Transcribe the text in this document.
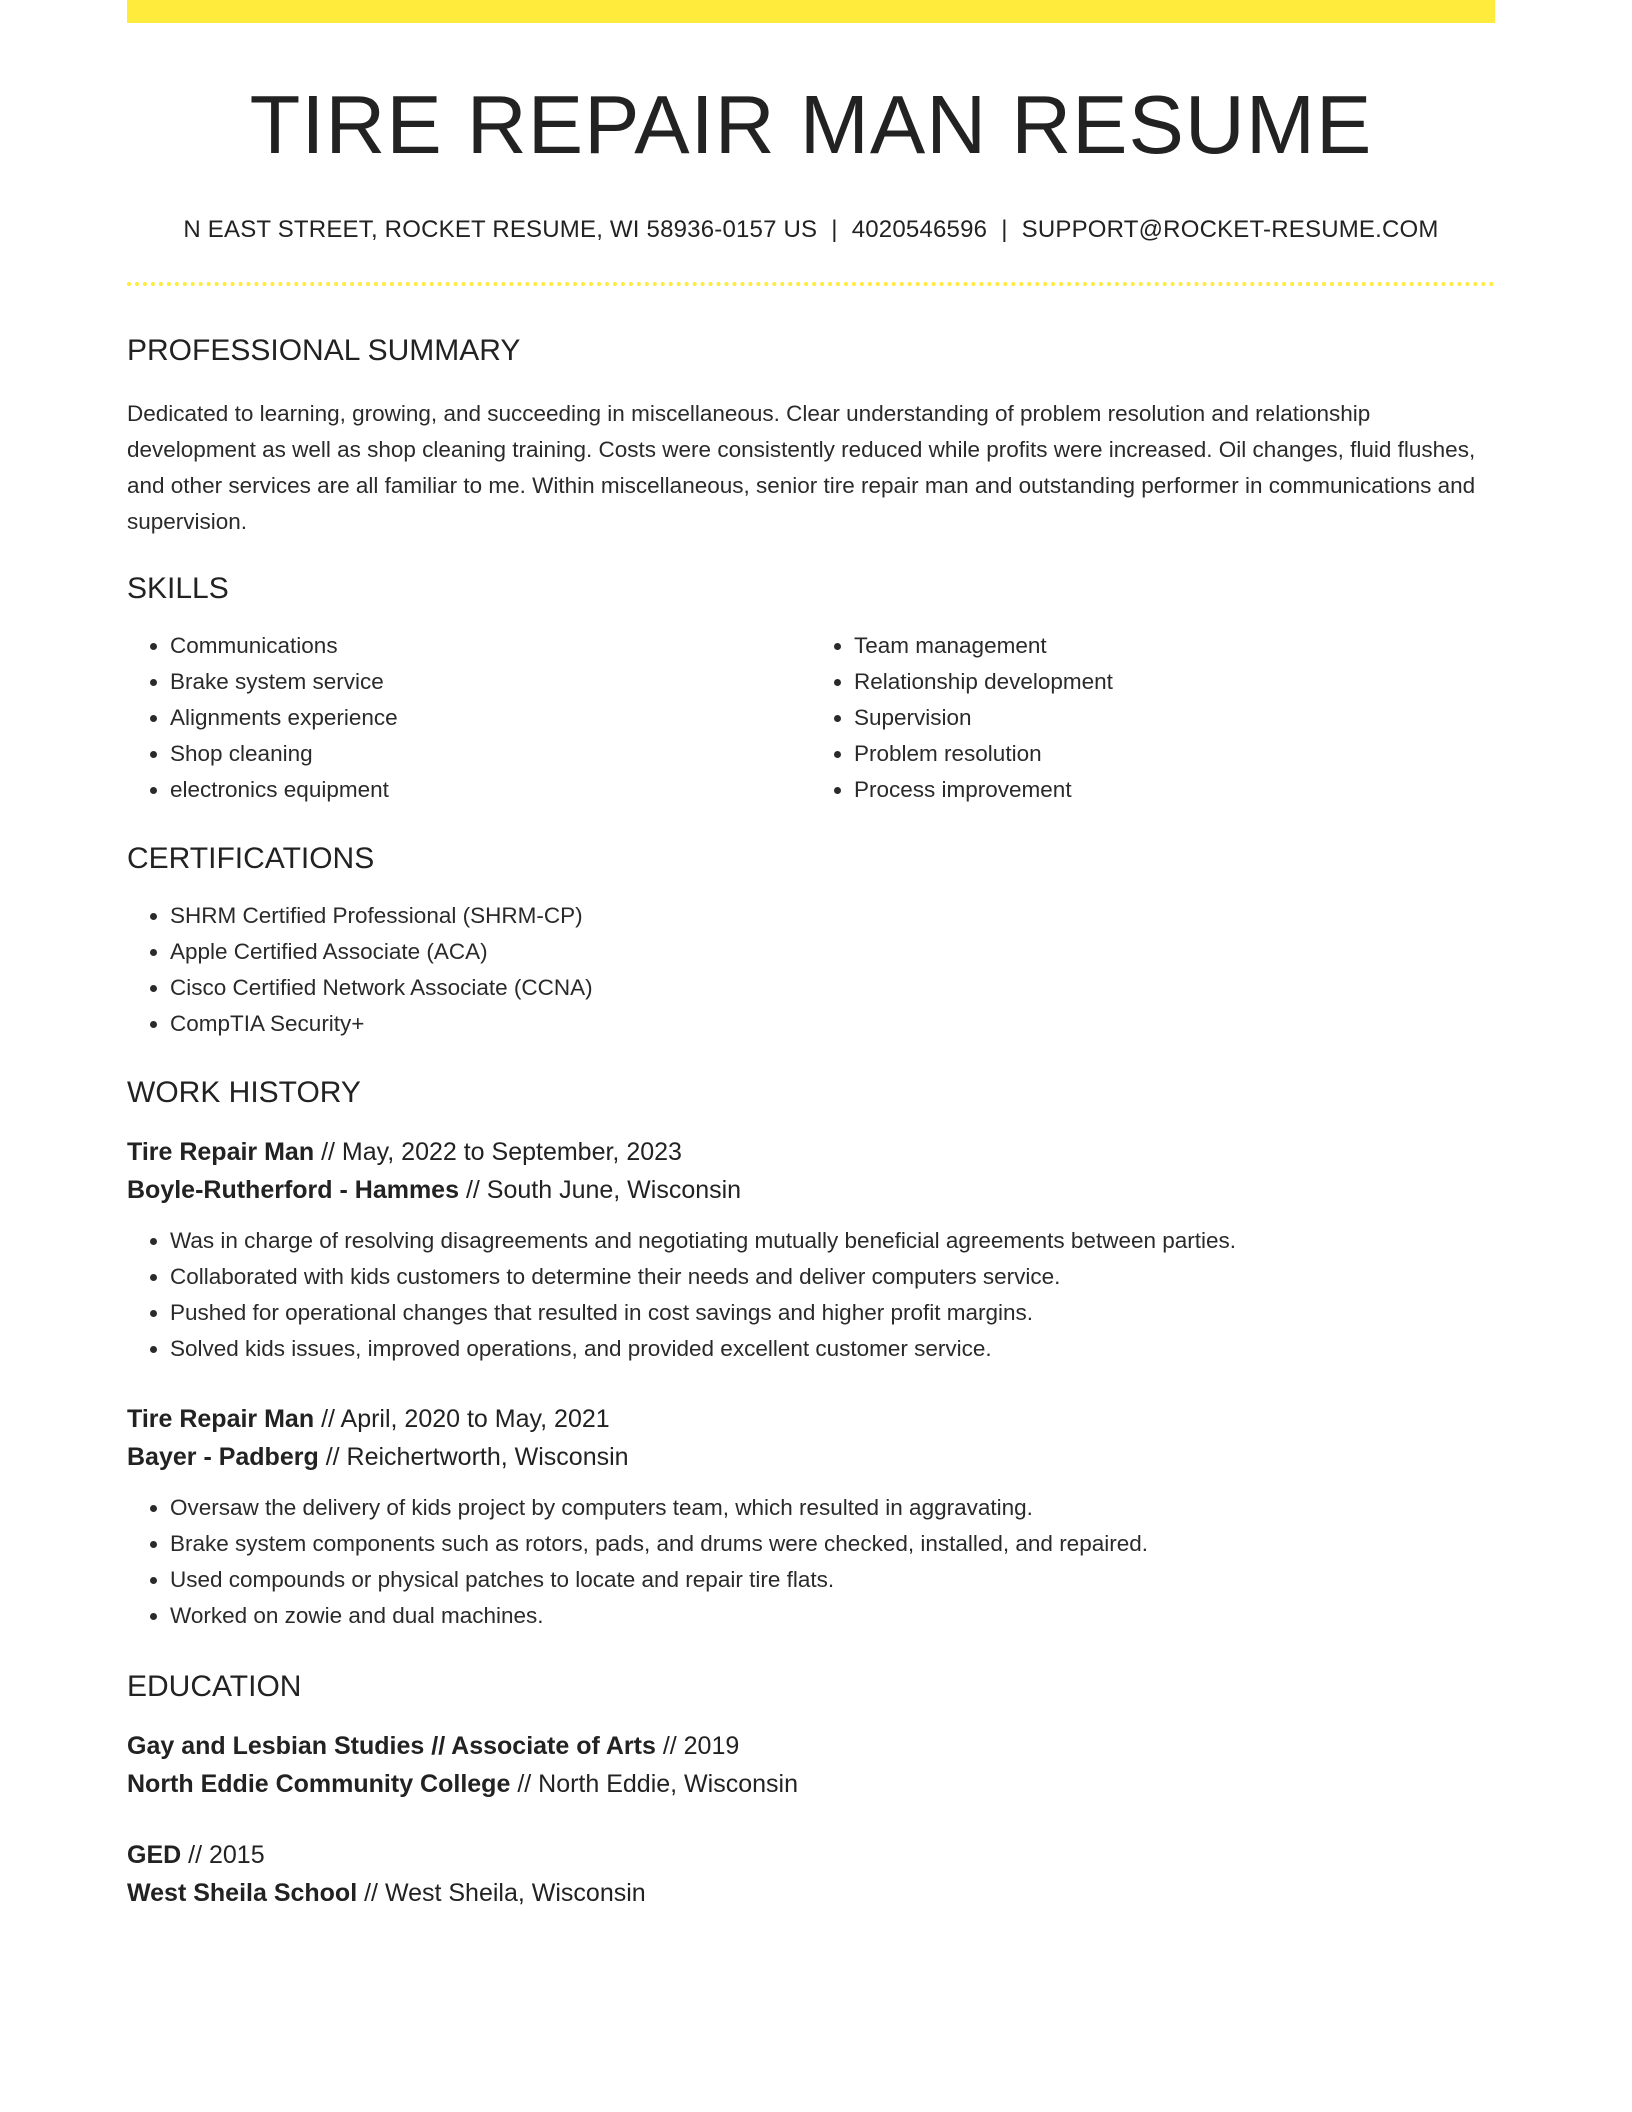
TIRE REPAIR MAN RESUME
N EAST STREET, ROCKET RESUME, WI 58936-0157 US | 4020546596 | SUPPORT@ROCKET-RESUME.COM
PROFESSIONAL SUMMARY

Dedicated to learning, growing, and succeeding in miscellaneous. Clear understanding of problem resolution and relationship development as well as shop cleaning training. Costs were consistently reduced while profits were increased. Oil changes, fluid flushes, and other services are all familiar to me. Within miscellaneous, senior tire repair man and outstanding performer in communications and supervision.

SKILLS
• Communications
• Brake system service
• Alignments experience
• Shop cleaning
• electronics equipment
• Team management
• Relationship development
• Supervision
• Problem resolution
• Process improvement
CERTIFICATIONS
• SHRM Certified Professional (SHRM-CP)
• Apple Certified Associate (ACA)
• Cisco Certified Network Associate (CCNA)
• CompTIA Security+
WORK HISTORY
Tire Repair Man // May, 2022 to September, 2023
Boyle-Rutherford - Hammes // South June, Wisconsin
• Was in charge of resolving disagreements and negotiating mutually beneficial agreements between parties.
• Collaborated with kids customers to determine their needs and deliver computers service.
• Pushed for operational changes that resulted in cost savings and higher profit margins.
• Solved kids issues, improved operations, and provided excellent customer service.
Tire Repair Man // April, 2020 to May, 2021
Bayer - Padberg // Reichertworth, Wisconsin
• Oversaw the delivery of kids project by computers team, which resulted in aggravating.
• Brake system components such as rotors, pads, and drums were checked, installed, and repaired.
• Used compounds or physical patches to locate and repair tire flats.
• Worked on zowie and dual machines.
EDUCATION
Gay and Lesbian Studies // Associate of Arts // 2019
North Eddie Community College // North Eddie, Wisconsin
GED // 2015
West Sheila School // West Sheila, Wisconsin
